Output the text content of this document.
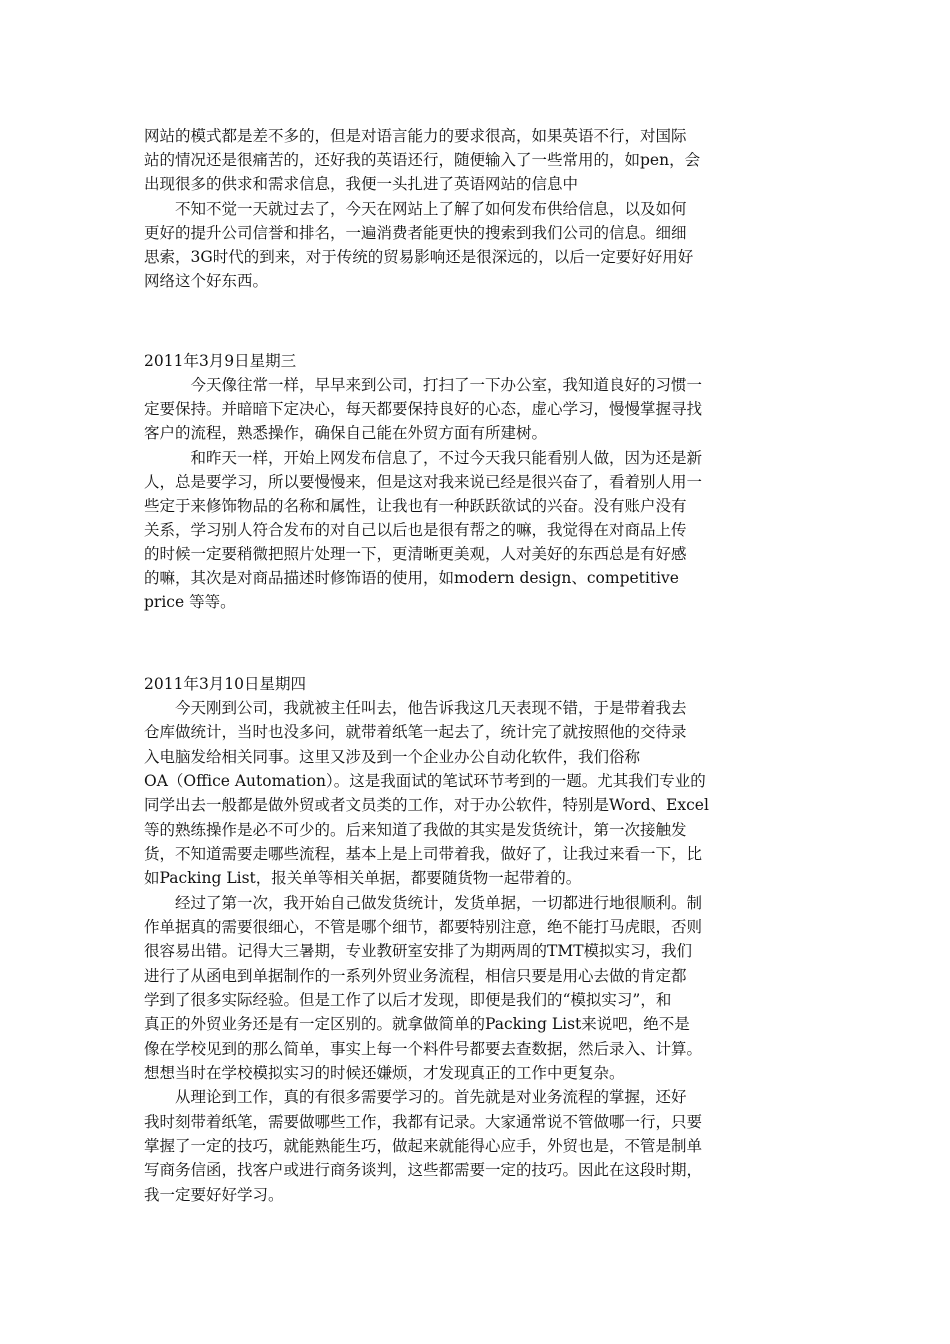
网站的模式都是差不多的，但是对语言能力的要求很高，如果英语不行，对国际
站的情况还是很痛苦的，还好我的英语还行，随便输入了一些常用的，如pen，会
出现很多的供求和需求信息，我便一头扎进了英语网站的信息中
　　不知不觉一天就过去了，今天在网站上了解了如何发布供给信息，以及如何
更好的提升公司信誉和排名，一遍消费者能更快的搜索到我们公司的信息。细细
思索，3G时代的到来，对于传统的贸易影响还是很深远的，以后一定要好好用好
网络这个好东西。
2011年3月9日星期三
　　　今天像往常一样，早早来到公司，打扫了一下办公室，我知道良好的习惯一
定要保持。并暗暗下定决心，每天都要保持良好的心态，虚心学习，慢慢掌握寻找
客户的流程，熟悉操作，确保自己能在外贸方面有所建树。
　　　和昨天一样，开始上网发布信息了，不过今天我只能看别人做，因为还是新
人，总是要学习，所以要慢慢来，但是这对我来说已经是很兴奋了，看着别人用一
些定于来修饰物品的名称和属性，让我也有一种跃跃欲试的兴奋。没有账户没有
关系，学习别人符合发布的对自己以后也是很有帮之的嘛，我觉得在对商品上传
的时候一定要稍微把照片处理一下，更清晰更美观，人对美好的东西总是有好感
的嘛，其次是对商品描述时修饰语的使用，如modern design、competitive
price 等等。
2011年3月10日星期四
　　今天刚到公司，我就被主任叫去，他告诉我这几天表现不错，于是带着我去
仓库做统计，当时也没多问，就带着纸笔一起去了，统计完了就按照他的交待录
入电脑发给相关同事。这里又涉及到一个企业办公自动化软件，我们俗称
OA（Office Automation）。这是我面试的笔试环节考到的一题。尤其我们专业的
同学出去一般都是做外贸或者文员类的工作，对于办公软件，特别是Word、Excel
等的熟练操作是必不可少的。后来知道了我做的其实是发货统计，第一次接触发
货，不知道需要走哪些流程，基本上是上司带着我，做好了，让我过来看一下，比
如Packing List，报关单等相关单据，都要随货物一起带着的。
　　经过了第一次，我开始自己做发货统计，发货单据，一切都进行地很顺利。制
作单据真的需要很细心，不管是哪个细节，都要特别注意，绝不能打马虎眼，否则
很容易出错。记得大三暑期，专业教研室安排了为期两周的TMT模拟实习，我们
进行了从函电到单据制作的一系列外贸业务流程，相信只要是用心去做的肯定都
学到了很多实际经验。但是工作了以后才发现，即便是我们的“模拟实习”，和
真正的外贸业务还是有一定区别的。就拿做简单的Packing List来说吧，绝不是
像在学校见到的那么简单，事实上每一个料件号都要去查数据，然后录入、计算。
想想当时在学校模拟实习的时候还嫌烦，才发现真正的工作中更复杂。
　　从理论到工作，真的有很多需要学习的。首先就是对业务流程的掌握，还好
我时刻带着纸笔，需要做哪些工作，我都有记录。大家通常说不管做哪一行，只要
掌握了一定的技巧，就能熟能生巧，做起来就能得心应手，外贸也是，不管是制单
写商务信函，找客户或进行商务谈判，这些都需要一定的技巧。因此在这段时期，
我一定要好好学习。
